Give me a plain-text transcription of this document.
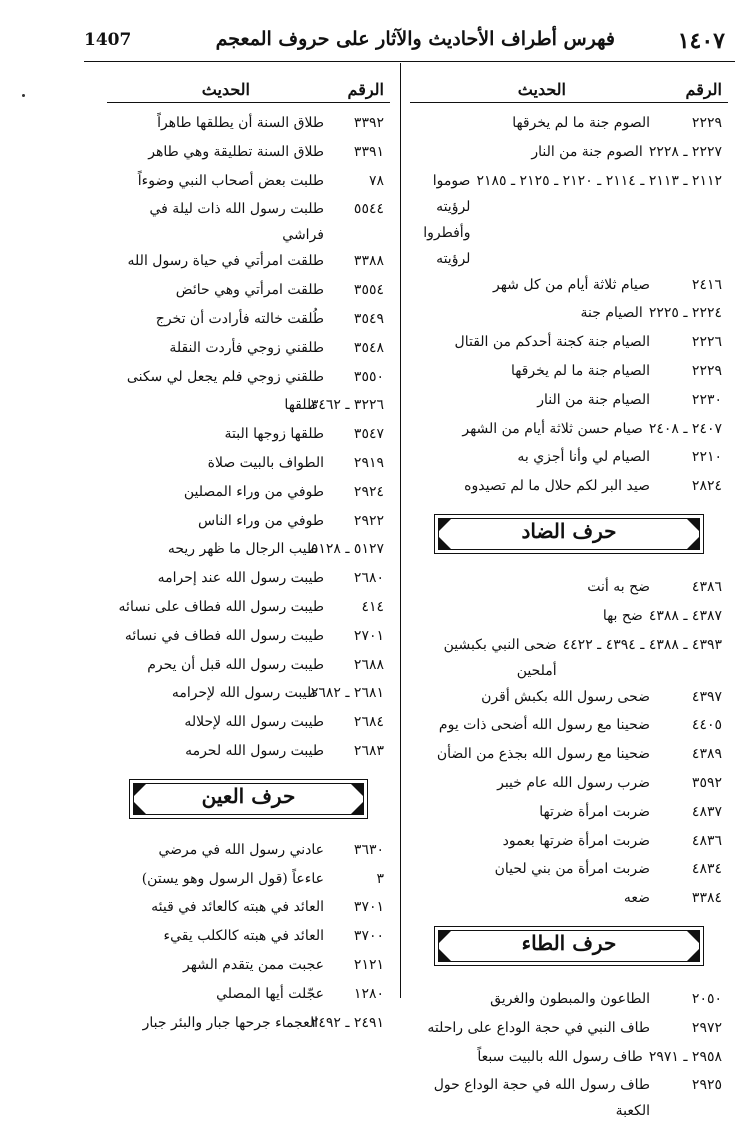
١٤٠٧
فهرس أطراف الأحاديث والآثار على حروف المعجم
1407
الرقم
الحديث
٢٢٢٩
الصوم جنة ما لم يخرقها
٢٢٢٧ ـ ٢٢٢٨
الصوم جنة من النار
٢١١٢ ـ ٢١١٣ ـ ٢١١٤ ـ ٢١٢٠ ـ ٢١٢٥ ـ ٢١٨٥
صوموا لرؤيته وأفطروا لرؤيته
٢٤١٦
صيام ثلاثة أيام من كل شهر
٢٢٢٤ ـ ٢٢٢٥
الصيام جنة
٢٢٢٦
الصيام جنة كجنة أحدكم من القتال
٢٢٢٩
الصيام جنة ما لم يخرقها
٢٢٣٠
الصيام جنة من النار
٢٤٠٧ ـ ٢٤٠٨
صيام حسن ثلاثة أيام من الشهر
٢٢١٠
الصيام لي وأنا أجزي به
٢٨٢٤
صيد البر لكم حلال ما لم تصيدوه
حرف الضاد
٤٣٨٦
ضح به أنت
٤٣٨٧ ـ ٤٣٨٨
ضح بها
٤٣٩٣ ـ ٤٣٨٨ ـ ٤٣٩٤ ـ ٤٤٢٢
ضحى النبي بكبشين أملحين
٤٣٩٧
ضحى رسول الله بكبش أقرن
٤٤٠٥
ضحينا مع رسول الله أضحى ذات يوم
٤٣٨٩
ضحينا مع رسول الله بجذع من الضأن
٣٥٩٢
ضرب رسول الله عام خيبر
٤٨٣٧
ضربت امرأة ضرتها
٤٨٣٦
ضربت امرأة ضرتها بعمود
٤٨٣٤
ضربت امرأة من بني لحيان
٣٣٨٤
ضعه
حرف الطاء
٢٠٥٠
الطاعون والمبطون والغريق
٢٩٧٢
طاف النبي في حجة الوداع على راحلته
٢٩٥٨ ـ ٢٩٧١
طاف رسول الله بالبيت سبعاً
٢٩٢٥
طاف رسول الله في حجة الوداع حول الكعبة
الرقم
الحديث
٣٣٩٢
طلاق السنة أن يطلقها طاهراً
٣٣٩١
طلاق السنة تطليقة وهي طاهر
٧٨
طلبت بعض أصحاب النبي وضوءاً
٥٥٤٤
طلبت رسول الله ذات ليلة في فراشي
٣٣٨٨
طلقت امرأتي في حياة رسول الله
٣٥٥٤
طلقت امرأتي وهي حائض
٣٥٤٩
طُلقت خالته فأرادت أن تخرج
٣٥٤٨
طلقني زوجي فأردت النقلة
٣٥٥٠
طلقني زوجي فلم يجعل لي سكنى
٣٢٢٦ ـ ٣٤٦٢
طلقها
٣٥٤٧
طلقها زوجها البتة
٢٩١٩
الطواف بالبيت صلاة
٢٩٢٤
طوفي من وراء المصلين
٢٩٢٢
طوفي من وراء الناس
٥١٢٧ ـ ٥١٢٨
طيب الرجال ما ظهر ريحه
٢٦٨٠
طيبت رسول الله عند إحرامه
٤١٤
طيبت رسول الله فطاف على نسائه
٢٧٠١
طيبت رسول الله فطاف في نسائه
٢٦٨٨
طيبت رسول الله قبل أن يحرم
٢٦٨١ ـ ٢٦٨٢
طيبت رسول الله لإحرامه
٢٦٨٤
طيبت رسول الله لإحلاله
٢٦٨٣
طيبت رسول الله لحرمه
حرف العين
٣٦٣٠
عادني رسول الله في مرضي
٣
عاءعاً (قول الرسول وهو يستن)
٣٧٠١
العائد في هبته كالعائد في قيئه
٣٧٠٠
العائد في هبته كالكلب يقيء
٢١٢١
عجبت ممن يتقدم الشهر
١٢٨٠
عجّلت أيها المصلي
٢٤٩١ ـ ٢٤٩٢
العجماء جرحها جبار والبئر جبار
